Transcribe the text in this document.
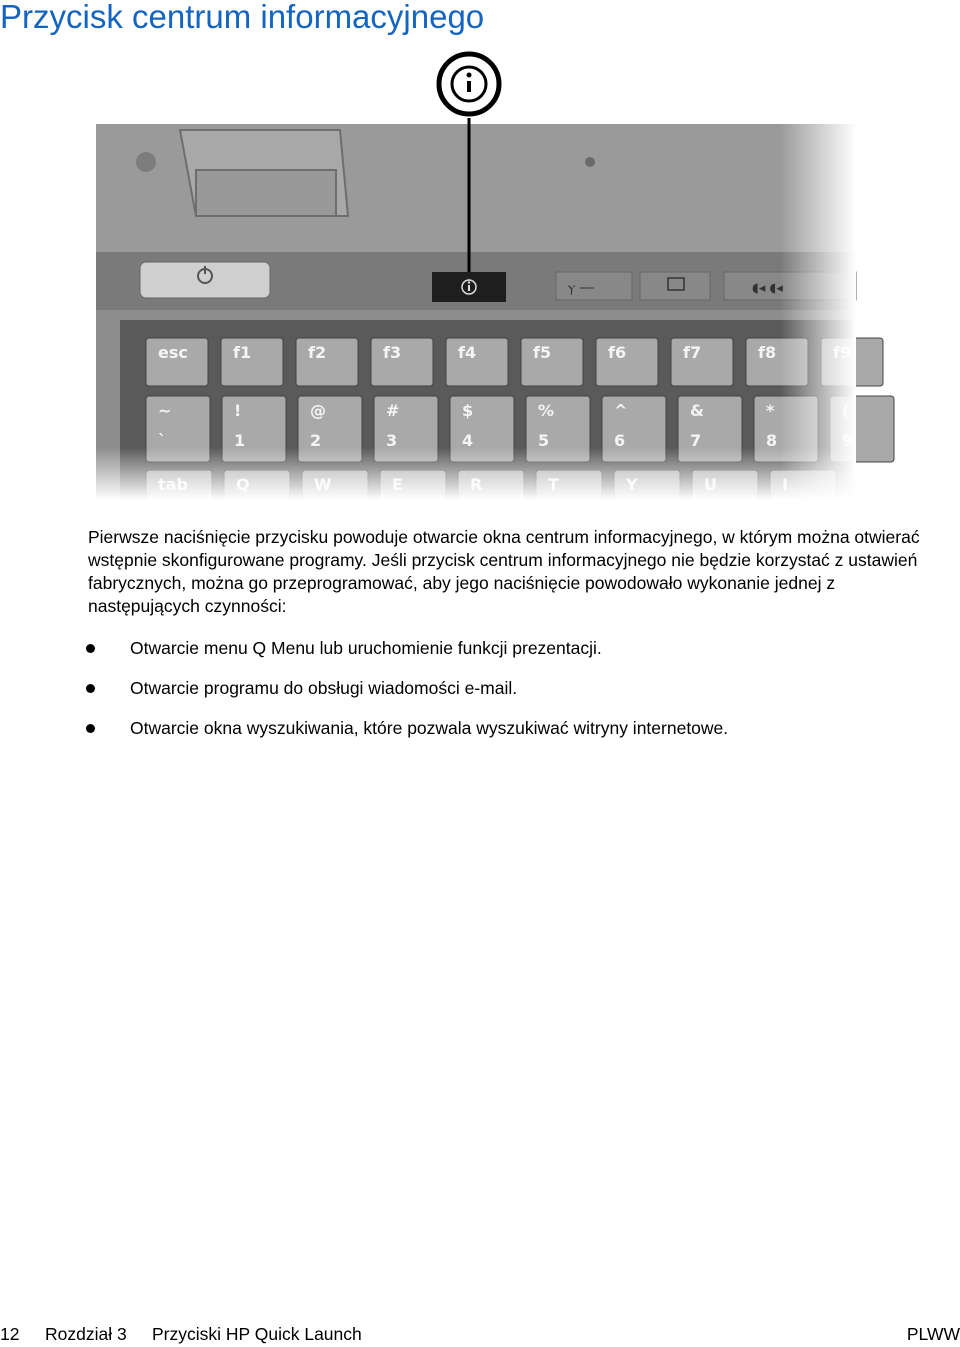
Przycisk centrum informacyjnego

Pierwsze naciśnięcie przycisku powoduje otwarcie okna centrum informacyjnego, w którym można otwierać wstępnie skonfigurowane programy. Jeśli przycisk centrum informacyjnego nie będzie korzystać z ustawień fabrycznych, można go przeprogramować, aby jego naciśnięcie powodowało wykonanie jednej z następujących czynności:

Otwarcie menu Q Menu lub uruchomienie funkcji prezentacji.
Otwarcie programu do obsługi wiadomości e-mail.
Otwarcie okna wyszukiwania, które pozwala wyszukiwać witryny internetowe.
12 Rozdział 3 Przyciski HP Quick Launch	PLWW
